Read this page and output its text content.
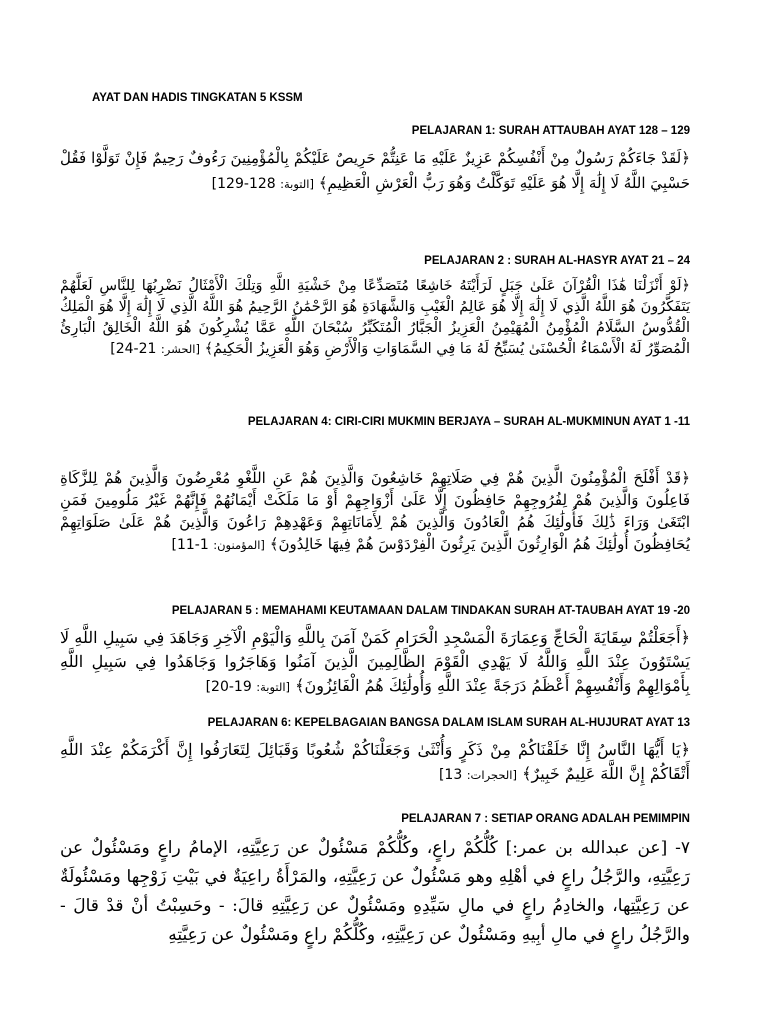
AYAT DAN HADIS TINGKATAN 5 KSSM
PELAJARAN 1: SURAH ATTAUBAH AYAT 128 – 129
﴿لَقَدْ جَاءَكُمْ رَسُولٌ مِنْ أَنْفُسِكُمْ عَزِيزٌ عَلَيْهِ مَا عَنِتُّمْ حَرِيصٌ عَلَيْكُمْ بِالْمُؤْمِنِينَ رَءُوفٌ رَحِيمٌ فَإِنْ تَوَلَّوْا فَقُلْ حَسْبِيَ اللَّهُ لَا إِلَٰهَ إِلَّا هُوَ عَلَيْهِ تَوَكَّلْتُ وَهُوَ رَبُّ الْعَرْشِ الْعَظِيمِ﴾ [التوبة: 128-129]
PELAJARAN 2 : SURAH AL-HASYR AYAT 21 – 24
﴿لَوْ أَنْزَلْنَا هَٰذَا الْقُرْآنَ عَلَىٰ جَبَلٍ لَرَأَيْتَهُ خَاشِعًا مُتَصَدِّعًا مِنْ خَشْيَةِ اللَّهِ وَتِلْكَ الْأَمْثَالُ نَضْرِبُهَا لِلنَّاسِ لَعَلَّهُمْ يَتَفَكَّرُونَ هُوَ اللَّهُ الَّذِي لَا إِلَٰهَ إِلَّا هُوَ عَالِمُ الْغَيْبِ وَالشَّهَادَةِ هُوَ الرَّحْمَٰنُ الرَّحِيمُ هُوَ اللَّهُ الَّذِي لَا إِلَٰهَ إِلَّا هُوَ الْمَلِكُ الْقُدُّوسُ السَّلَامُ الْمُؤْمِنُ الْمُهَيْمِنُ الْعَزِيزُ الْجَبَّارُ الْمُتَكَبِّرُ سُبْحَانَ اللَّهِ عَمَّا يُشْرِكُونَ هُوَ اللَّهُ الْخَالِقُ الْبَارِئُ الْمُصَوِّرُ لَهُ الْأَسْمَاءُ الْحُسْنَىٰ يُسَبِّحُ لَهُ مَا فِي السَّمَاوَاتِ وَالْأَرْضِ وَهُوَ الْعَزِيزُ الْحَكِيمُ﴾ [الحشر: 21-24]
PELAJARAN 4: CIRI-CIRI MUKMIN BERJAYA – SURAH AL-MUKMINUN AYAT 1 -11
﴿قَدْ أَفْلَحَ الْمُؤْمِنُونَ الَّذِينَ هُمْ فِي صَلَاتِهِمْ خَاشِعُونَ وَالَّذِينَ هُمْ عَنِ اللَّغْوِ مُعْرِضُونَ وَالَّذِينَ هُمْ لِلزَّكَاةِ فَاعِلُونَ وَالَّذِينَ هُمْ لِفُرُوجِهِمْ حَافِظُونَ إِلَّا عَلَىٰ أَزْوَاجِهِمْ أَوْ مَا مَلَكَتْ أَيْمَانُهُمْ فَإِنَّهُمْ غَيْرُ مَلُومِينَ فَمَنِ ابْتَغَىٰ وَرَاءَ ذَٰلِكَ فَأُولَٰئِكَ هُمُ الْعَادُونَ وَالَّذِينَ هُمْ لِأَمَانَاتِهِمْ وَعَهْدِهِمْ رَاعُونَ وَالَّذِينَ هُمْ عَلَىٰ صَلَوَاتِهِمْ يُحَافِظُونَ أُولَٰئِكَ هُمُ الْوَارِثُونَ الَّذِينَ يَرِثُونَ الْفِرْدَوْسَ هُمْ فِيهَا خَالِدُونَ﴾ [المؤمنون: 1-11]
PELAJARAN 5 : MEMAHAMI KEUTAMAAN DALAM TINDAKAN SURAH AT-TAUBAH AYAT 19 -20
﴿أَجَعَلْتُمْ سِقَايَةَ الْحَاجِّ وَعِمَارَةَ الْمَسْجِدِ الْحَرَامِ كَمَنْ آمَنَ بِاللَّهِ وَالْيَوْمِ الْآخِرِ وَجَاهَدَ فِي سَبِيلِ اللَّهِ لَا يَسْتَوُونَ عِنْدَ اللَّهِ وَاللَّهُ لَا يَهْدِي الْقَوْمَ الظَّالِمِينَ الَّذِينَ آمَنُوا وَهَاجَرُوا وَجَاهَدُوا فِي سَبِيلِ اللَّهِ بِأَمْوَالِهِمْ وَأَنْفُسِهِمْ أَعْظَمُ دَرَجَةً عِنْدَ اللَّهِ وَأُولَٰئِكَ هُمُ الْفَائِزُونَ﴾ [التوبة: 19-20]
PELAJARAN 6: KEPELBAGAIAN BANGSA DALAM ISLAM SURAH AL-HUJURAT AYAT 13
﴿يَا أَيُّهَا النَّاسُ إِنَّا خَلَقْنَاكُمْ مِنْ ذَكَرٍ وَأُنْثَىٰ وَجَعَلْنَاكُمْ شُعُوبًا وَقَبَائِلَ لِتَعَارَفُوا إِنَّ أَكْرَمَكُمْ عِنْدَ اللَّهِ أَتْقَاكُمْ إِنَّ اللَّهَ عَلِيمٌ خَبِيرٌ﴾ [الحجرات: 13]
PELAJARAN 7 : SETIAP ORANG ADALAH PEMIMPIN
٧- [عن عبدالله بن عمر:] كُلُّكُمْ راعٍ، وكُلُّكُمْ مَسْئُولٌ عن رَعِيَّتِهِ، الإمامُ راعٍ ومَسْئُولٌ عن رَعِيَّتِهِ، والرَّجُلُ راعٍ في أهْلِهِ وهو مَسْئُولٌ عن رَعِيَّتِهِ، والمَرْأَةُ راعِيَةٌ في بَيْتِ زَوْجِها ومَسْئُولَةٌ عن رَعِيَّتِها، والخادِمُ راعٍ في مالِ سَيِّدِهِ ومَسْئُولٌ عن رَعِيَّتِهِ قالَ: - وحَسِبْتُ أنْ قدْ قالَ - والرَّجُلُ راعٍ في مالِ أبِيهِ ومَسْئُولٌ عن رَعِيَّتِهِ، وكُلُّكُمْ راعٍ ومَسْئُولٌ عن رَعِيَّتِهِ
